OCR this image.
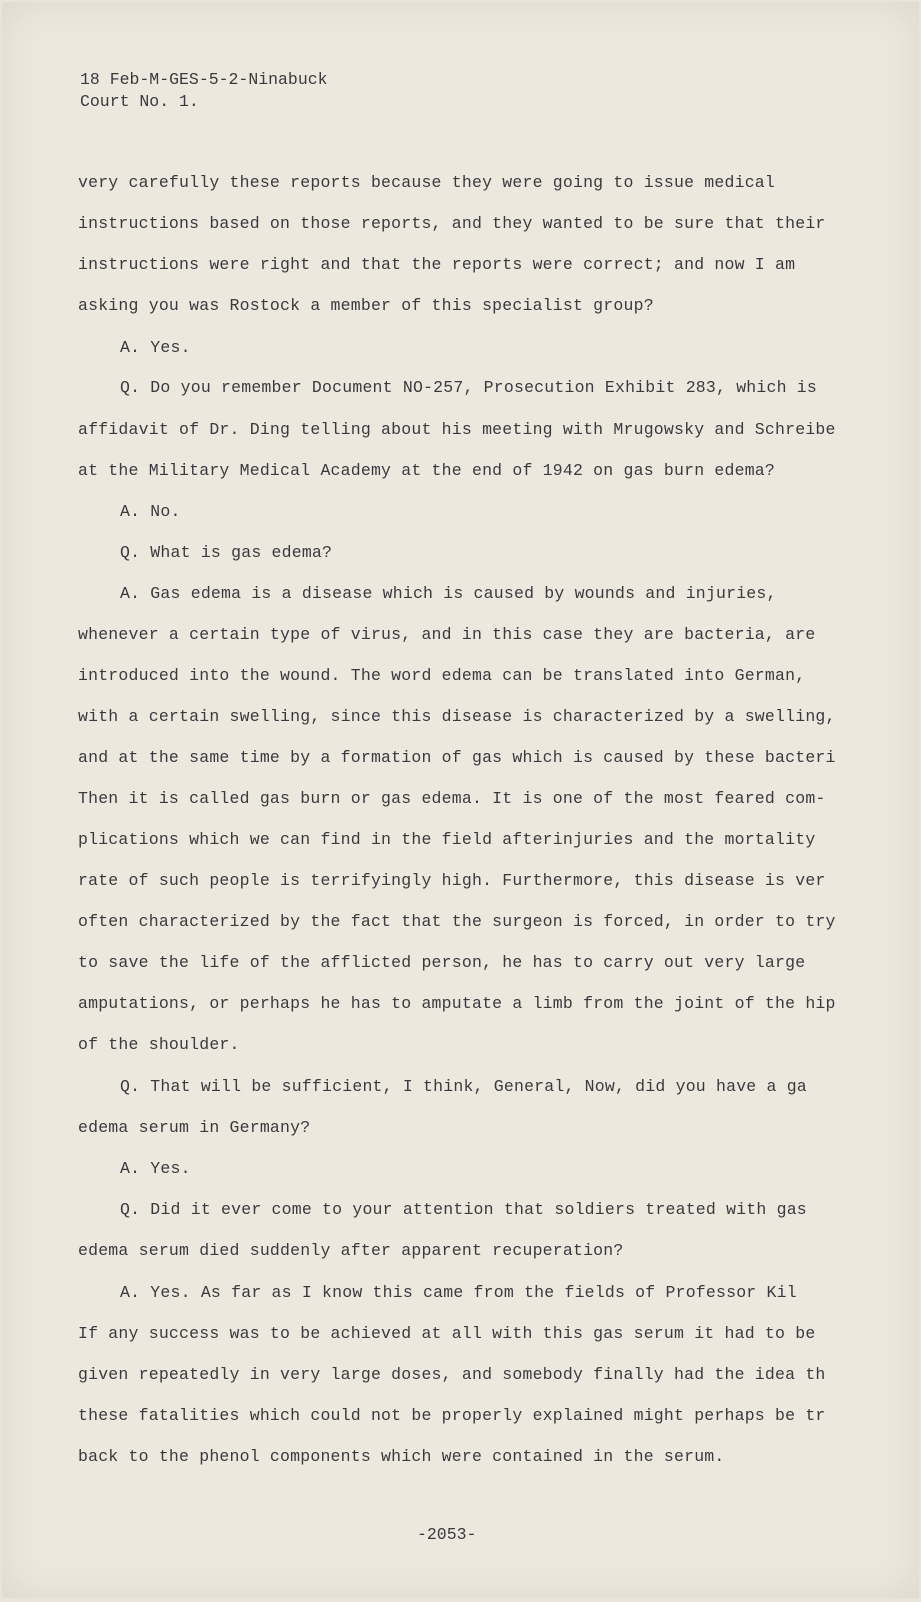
18 Feb-M-GES-5-2-Ninabuck
Court No. 1.
very carefully these reports because they were going to issue medical
instructions based on those reports, and they wanted to be sure that their
instructions were right and that the reports were correct; and now I am
asking you was Rostock a member of this specialist group?
A. Yes.
Q. Do you remember Document NO-257, Prosecution Exhibit 283, which is
affidavit of Dr. Ding telling about his meeting with Mrugowsky and Schreibe
at the Military Medical Academy at the end of 1942 on gas burn edema?
A. No.
Q. What is gas edema?
A. Gas edema is a disease which is caused by wounds and injuries,
whenever a certain type of virus, and in this case they are bacteria, are
introduced into the wound. The word edema can be translated into German,
with a certain swelling, since this disease is characterized by a swelling,
and at the same time by a formation of gas which is caused by these bacteri
Then it is called gas burn or gas edema. It is one of the most feared com-
plications which we can find in the field afterinjuries and the mortality
rate of such people is terrifyingly high. Furthermore, this disease is ver
often characterized by the fact that the surgeon is forced, in order to try
to save the life of the afflicted person, he has to carry out very large
amputations, or perhaps he has to amputate a limb from the joint of the hip
of the shoulder.
Q. That will be sufficient, I think, General, Now, did you have a ga
edema serum in Germany?
A. Yes.
Q. Did it ever come to your attention that soldiers treated with gas
edema serum died suddenly after apparent recuperation?
A. Yes. As far as I know this came from the fields of Professor Kil
If any success was to be achieved at all with this gas serum it had to be
given repeatedly in very large doses, and somebody finally had the idea th
these fatalities which could not be properly explained might perhaps be tr
back to the phenol components which were contained in the serum.
-2053-
